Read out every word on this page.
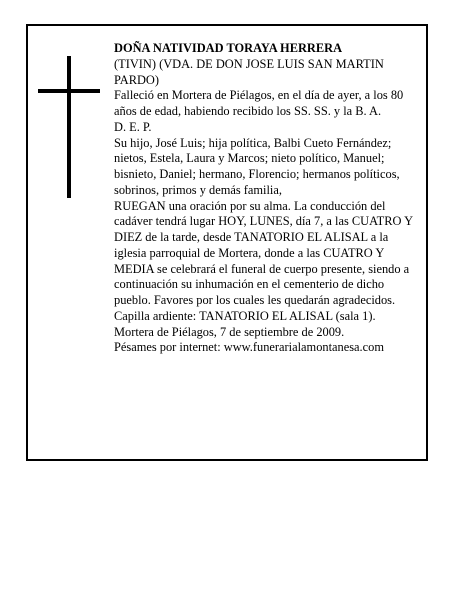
DOÑA NATIVIDAD TORAYA HERRERA
(TIVIN) (VDA. DE DON JOSE LUIS SAN MARTIN PARDO)
Falleció en Mortera de Piélagos, en el día de ayer, a los 80 años de edad, habiendo recibido los SS. SS. y la B. A.
D. E. P.
Su hijo, José Luis; hija política, Balbi Cueto Fernández; nietos, Estela, Laura y Marcos; nieto político, Manuel; bisnieto, Daniel; hermano, Florencio; hermanos políticos, sobrinos, primos y demás familia,
RUEGAN una oración por su alma. La conducción del cadáver tendrá lugar HOY, LUNES, día 7, a las CUATRO Y DIEZ de la tarde, desde TANATORIO EL ALISAL a la iglesia parroquial de Mortera, donde a las CUATRO Y MEDIA se celebrará el funeral de cuerpo presente, siendo a continuación su inhumación en el cementerio de dicho pueblo. Favores por los cuales les quedarán agradecidos. Capilla ardiente: TANATORIO EL ALISAL (sala 1).
Mortera de Piélagos, 7 de septiembre de 2009.
Pésames por internet: www.funerarialamontanesa.com
